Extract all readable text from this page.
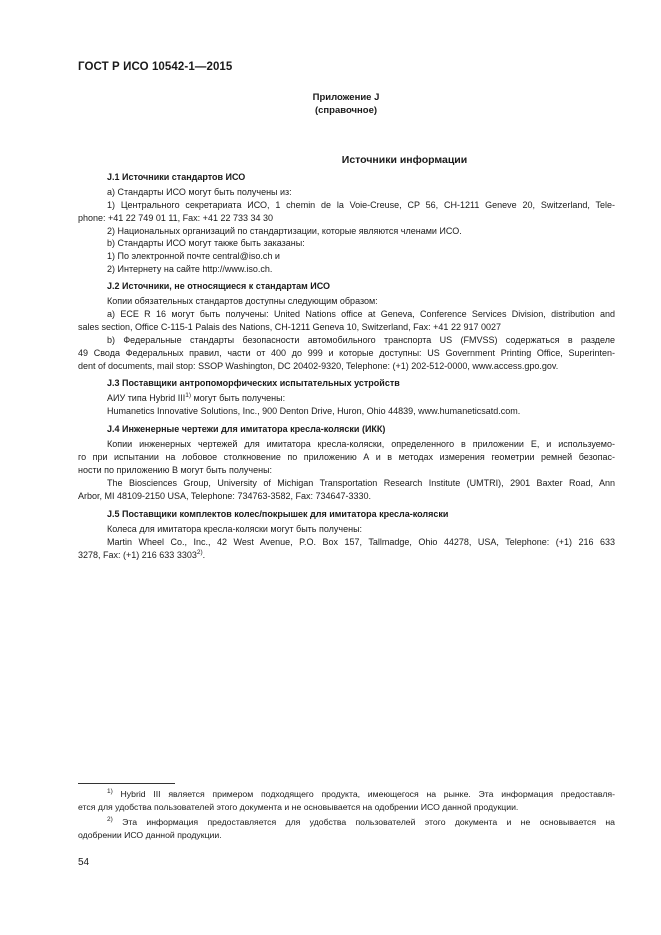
ГОСТ Р ИСО 10542-1—2015
Приложение J
(справочное)
Источники информации
J.1 Источники стандартов ИСО
а) Стандарты ИСО могут быть получены из:
1) Центрального секретариата ИСО, 1 chemin de la Voie-Creuse, CP 56, CH-1211 Geneve 20, Switzerland, Tele-
phone: +41 22 749 01 11, Fax: +41 22 733 34 30
2) Национальных организаций по стандартизации, которые являются членами ИСО.
b) Стандарты ИСО могут также быть заказаны:
1) По электронной почте central@iso.ch и
2) Интернету на сайте http://www.iso.ch.
J.2 Источники, не относящиеся к стандартам ИСО
Копии обязательных стандартов доступны следующим образом:
а) ECE R 16 могут быть получены: United Nations office at Geneva, Conference Services Division, distribution and
sales section, Office C-115-1 Palais des Nations, CH-1211 Geneva 10, Switzerland, Fax: +41 22 917 0027
b) Федеральные стандарты безопасности автомобильного транспорта US (FMVSS) содержаться в разделе
49 Свода Федеральных правил, части от 400 до 999 и которые доступны: US Government Printing Office, Superinten-
dent of documents, mail stop: SSOP Washington, DC 20402-9320, Telephone: (+1) 202-512-0000, www.access.gpo.gov.
J.3 Поставщики антропоморфических испытательных устройств
АИУ типа Hybrid III$^{1)}$ могут быть получены:
Humanetics Innovative Solutions, Inc., 900 Denton Drive, Huron, Ohio 44839, www.humaneticsatd.com.
J.4 Инженерные чертежи для имитатора кресла-коляски (ИКК)
Копии инженерных чертежей для имитатора кресла-коляски, определенного в приложении Е, и используемо-
го при испытании на лобовое столкновение по приложению А и в методах измерения геометрии ремней безопас-
ности по приложению В могут быть получены:
The Biosciences Group, University of Michigan Transportation Research Institute (UMTRI), 2901 Baxter Road, Ann
Arbor, MI 48109-2150 USA, Telephone: 734763-3582, Fax: 734647-3330.
J.5 Поставщики комплектов колес/покрышек для имитатора кресла-коляски
Колеса для имитатора кресла-коляски могут быть получены:
Martin Wheel Co., Inc., 42 West Avenue, P.O. Box 157, Tallmadge, Ohio 44278, USA, Telephone: (+1) 216 633
3278, Fax: (+1) 216 633 3303$^{2)}$.
$^{1)}$ Hybrid III является примером подходящего продукта, имеющегося на рынке. Эта информация предоставля-
ется для удобства пользователей этого документа и не основывается на одобрении ИСО данной продукции.
$^{2)}$ Эта информация предоставляется для удобства пользователей этого документа и не основывается на
одобрении ИСО данной продукции.
54
